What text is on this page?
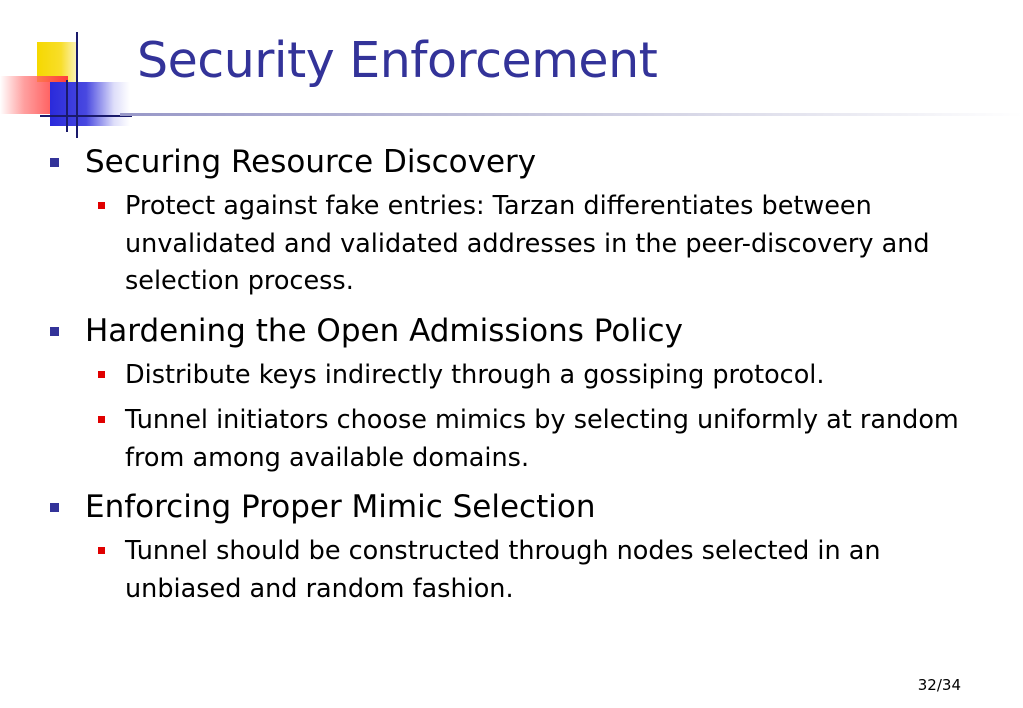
Security Enforcement
Securing Resource Discovery
Protect against fake entries: Tarzan differentiates between unvalidated and validated addresses in the peer-discovery and selection process.
Hardening the Open Admissions Policy
Distribute keys indirectly through a gossiping protocol.
Tunnel initiators choose mimics by selecting uniformly at random from among available domains.
Enforcing Proper Mimic Selection
Tunnel should be constructed through nodes selected in an unbiased and random fashion.
32/34
